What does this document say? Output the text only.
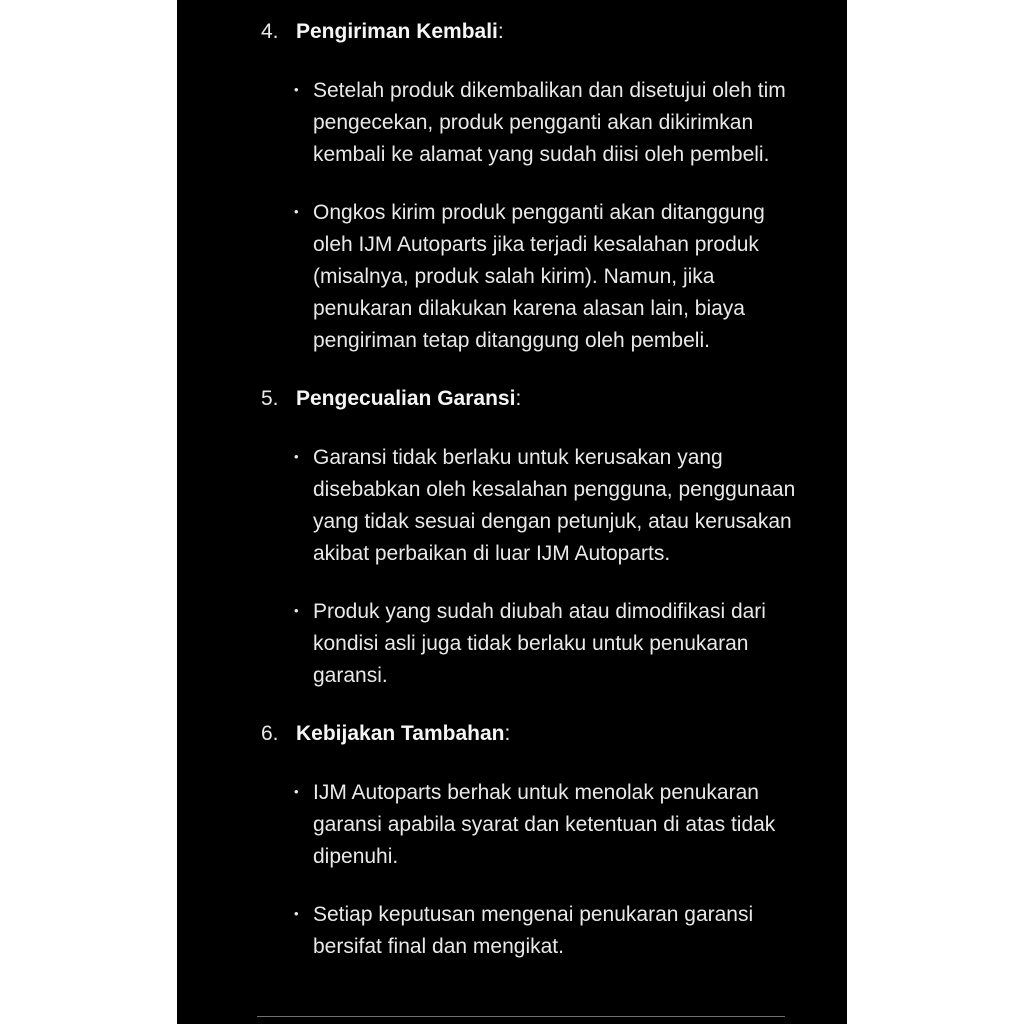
4. Pengiriman Kembali:
• Setelah produk dikembalikan dan disetujui oleh tim pengecekan, produk pengganti akan dikirimkan kembali ke alamat yang sudah diisi oleh pembeli.
• Ongkos kirim produk pengganti akan ditanggung oleh IJM Autoparts jika terjadi kesalahan produk (misalnya, produk salah kirim). Namun, jika penukaran dilakukan karena alasan lain, biaya pengiriman tetap ditanggung oleh pembeli.
5. Pengecualian Garansi:
• Garansi tidak berlaku untuk kerusakan yang disebabkan oleh kesalahan pengguna, penggunaan yang tidak sesuai dengan petunjuk, atau kerusakan akibat perbaikan di luar IJM Autoparts.
• Produk yang sudah diubah atau dimodifikasi dari kondisi asli juga tidak berlaku untuk penukaran garansi.
6. Kebijakan Tambahan:
• IJM Autoparts berhak untuk menolak penukaran garansi apabila syarat dan ketentuan di atas tidak dipenuhi.
• Setiap keputusan mengenai penukaran garansi bersifat final dan mengikat.
